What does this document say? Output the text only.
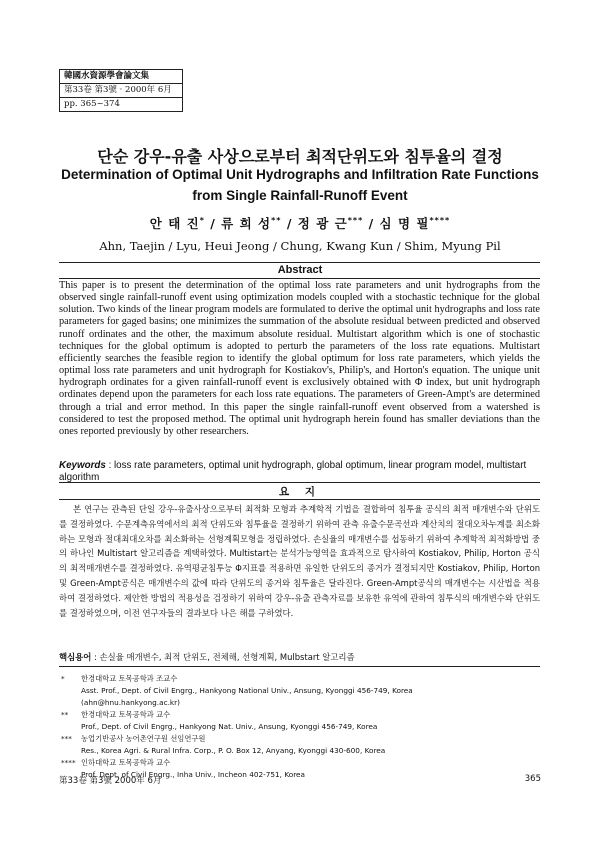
韓國水資源學會論文集
第33卷 第3號 · 2000年 6月
pp. 365~374
단순 강우-유출 사상으로부터 최적단위도와 침투율의 결정
Determination of Optimal Unit Hydrographs and Infiltration Rate Functions
from Single Rainfall-Runoff Event
안 태 진* / 류 희 성** / 정 광 근*** / 심 명 필****
Ahn, Taejin / Lyu, Heui Jeong / Chung, Kwang Kun / Shim, Myung Pil
Abstract
This paper is to present the determination of the optimal loss rate parameters and unit hydrographs from the observed single rainfall-runoff event using optimization models coupled with a stochastic technique for the global solution. Two kinds of the linear program models are formulated to derive the optimal unit hydrographs and loss rate parameters for gaged basins; one minimizes the summation of the absolute residual between predicted and observed runoff ordinates and the other, the maximum absolute residual. Multistart algorithm which is one of stochastic techniques for the global optimum is adopted to perturb the parameters of the loss rate equations. Multistart efficiently searches the feasible region to identify the global optimum for loss rate parameters, which yields the optimal loss rate parameters and unit hydrograph for Kostiakov's, Philip's, and Horton's equation. The unique unit hydrograph ordinates for a given rainfall-runoff event is exclusively obtained with Φ index, but unit hydrograph ordinates depend upon the parameters for each loss rate equations. The parameters of Green-Ampt's are determined through a trial and error method. In this paper the single rainfall-runoff event observed from a watershed is considered to test the proposed method. The optimal unit hydrograph herein found has smaller deviations than the ones reported previously by other researchers.
Keywords : loss rate parameters, optimal unit hydrograph, global optimum, linear program model, multistart algorithm
요 지
본 연구는 관측된 단일 강우-유출사상으로부터 최적화 모형과 추계학적 기법을 결합하여 침투율 공식의 최적 매개변수와 단위도를 결정하였다. 수문계측유역에서의 최적 단위도와 침투율을 결정하기 위하여 관측 유출수문곡선과 계산치의 절대오차누계를 최소화하는 모형과 절대최대오차를 최소화하는 선형계획모형을 정립하였다. 손실율의 매개변수를 섭동하기 위하여 추계학적 최적화방법 중의 하나인 Multistart 알고리즘을 계택하였다. Multistart는 분석가능영역을 효과적으로 탐사하여 Kostiakov, Philip, Horton 공식의 최적매개변수를 결정하였다. 유역평균침투능 Φ지표를 적용하면 유일한 단위도의 종거가 결정되지만 Kostiakov, Philip, Horton 및 Green-Ampt공식은 매개변수의 값에 따라 단위도의 종거와 침투율은 달라진다. Green-Ampt공식의 매개변수는 시산법을 적용하여 결정하였다. 제안한 방법의 적용성을 검정하기 위하여 강우-유출 관측자료를 보유한 유역에 관하여 침투식의 매개변수와 단위도를 결정하였으며, 이전 연구자들의 결과보다 나은 해를 구하였다.
핵심용어 : 손실율 매개변수, 최적 단위도, 전체해, 선형계획, Mulbstart 알고리즘
* 한경대학교 토목공학과 조교수
Asst. Prof., Dept. of Civil Engrg., Hankyong National Univ., Ansung, Kyonggi 456-749, Korea
(ahn@hnu.hankyong.ac.kr)
** 한경대학교 토목공학과 교수
Prof., Dept. of Civil Engrg., Hankyong Nat. Univ., Ansung, Kyonggi 456-749, Korea
*** 농업기반공사 농어촌연구원 선임연구원
Res., Korea Agri. & Rural Infra. Corp., P. O. Box 12, Anyang, Kyonggi 430-600, Korea
**** 인하대학교 토목공학과 교수
Prof. Dept. of Civil Engrg., Inha Univ., Incheon 402-751, Korea
第33卷 第3號 2000年 6月	365
